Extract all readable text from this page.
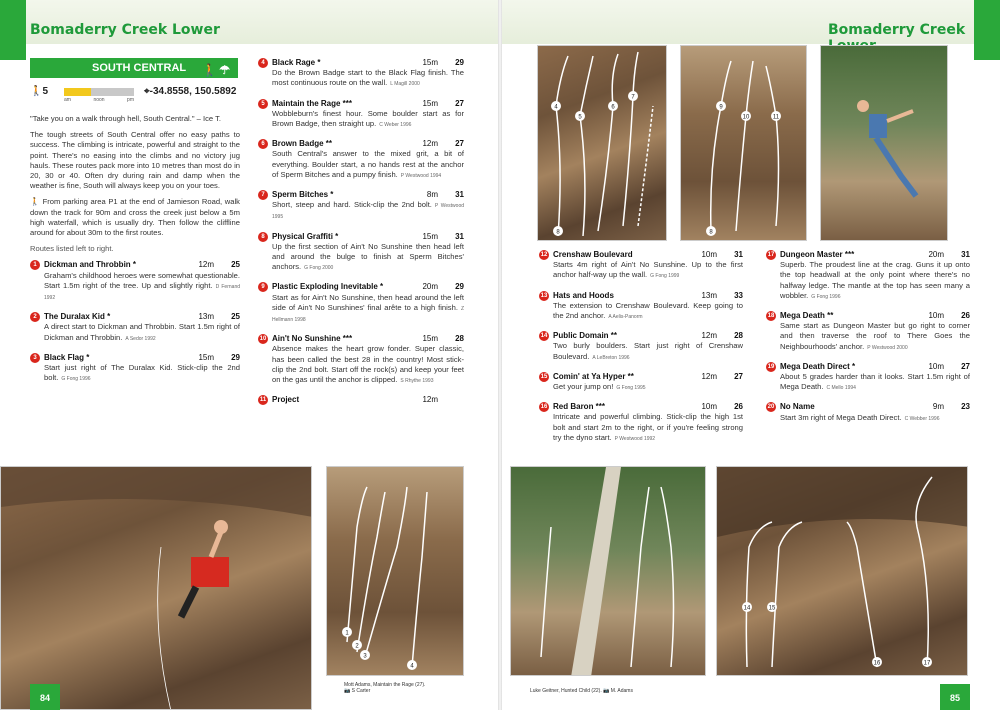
Bomaderry Creek Lower	Bomaderry Creek
SOUTH CENTRAL 🚶☂
🚶5
am	noon	pm
⌖-34.8558, 150.5892

"Take you on a walk through hell, South Central." – Ice T.

The tough streets of South Central offer no easy paths to success. The climbing is intricate, powerful and straight to the point. There's no easing into the climbs and no victory jug hauls. These routes pack more into 10 metres than most do in 20, 30 or 40. Often dry during rain and damp when the weather is fine, South will always keep you on your toes.

🚶 From parking area P1 at the end of Jamieson Road, walk down the track for 90m and cross the creek just below a 5m high waterfall, which is usually dry. Then follow the cliffline around for about 30m to the first routes.

Routes listed left to right.

1 Dickman and Throbbin *	12m	25
Graham's childhood heroes were somewhat questionable. Start 1.5m right of the tree. Up and slightly right. D Fernand 1992
2 The Duralax Kid *	13m	25
A direct start to Dickman and Throbbin. Start 1.5m right of Dickman and Throbbin. A Sedor 1992
3 Black Flag *	15m	29
Start just right of The Duralax Kid. Stick-clip the 2nd bolt. G Fong 1996
4 Black Rage *	15m	29
Do the Brown Badge start to the Black Flag finish. The most continuous route on the wall. L Magill 2000
5 Maintain the Rage ***	15m	27
Wobbleburn's finest hour. Some boulder start as for Brown Badge, then straight up. C Weber 1996
6 Brown Badge **	12m	27
South Central's answer to the mixed grit, a bit of everything. Boulder start, a no hands rest at the anchor of Sperm Bitches and a pumpy finish. P Westwood 1994
7 Sperm Bitches *	8m	31
Short, steep and hard. Stick-clip the 2nd bolt. P Westwood 1995
8 Physical Graffiti *	15m	31
Up the first section of Ain't No Sunshine then head left and around the bulge to finish at Sperm Bitches' anchors. G Fong 2000
9 Plastic Exploding Inevitable *	20m	29
Start as for Ain't No Sunshine, then head around the left side of Ain't No Sunshines' final arête to a high finish. Z Hellmann 1998
10 Ain't No Sunshine ***	15m	28
Absence makes the heart grow fonder. Super classic, has been called the best 28 in the country! Most stick-clip the 2nd bolt. Start off the rock(s) and keep your feet on the gas until the anchor is clipped. S Rhythe 1993
11 Project	12m
4
5
6
7
8
9
10	11
8
12 Crenshaw Boulevard	10m	31
Starts 4m right of Ain't No Sunshine. Up to the first anchor half-way up the wall. G Fong 1999
13 Hats and Hoods	13m	33
The extension to Crenshaw Boulevard. Keep going to the 2nd anchor. A Aelis-Panorm
14 Public Domain **	12m	28
Two burly boulders. Start just right of Crenshaw Boulevard. A LeBreton 1996
15 Comin' at Ya Hyper **	12m	27
Get your jump on! G Fong 1995
16 Red Baron ***	10m	26
Intricate and powerful climbing. Stick-clip the high 1st bolt and start 2m to the right, or if you're feeling strong try the dyno start. P Westwood 1992
17 Dungeon Master ***	20m	31
Superb. The proudest line at the crag. Guns it up onto the top headwall at the only point where there's no halfway ledge. The mantle at the top has seen many a wobbler. G Fong 1996
18 Mega Death **	10m	26
Same start as Dungeon Master but go right to corner and then traverse the roof to There Goes the Neighbourhoods' anchor. P Westwood 2000
19 Mega Death Direct *	10m	27
About 5 grades harder than it looks. Start 1.5m right of Mega Death. C Mello 1994
20 No Name	9m	23
Start 3m right of Mega Death Direct. C Webber 1996
1
2
3
4
Mott Adams, Maintain the Rage (27).
📷 S Carter
14	15
16	17
Luke Geitner, Hunted Child (22). 📷 M. Adams
84	85
